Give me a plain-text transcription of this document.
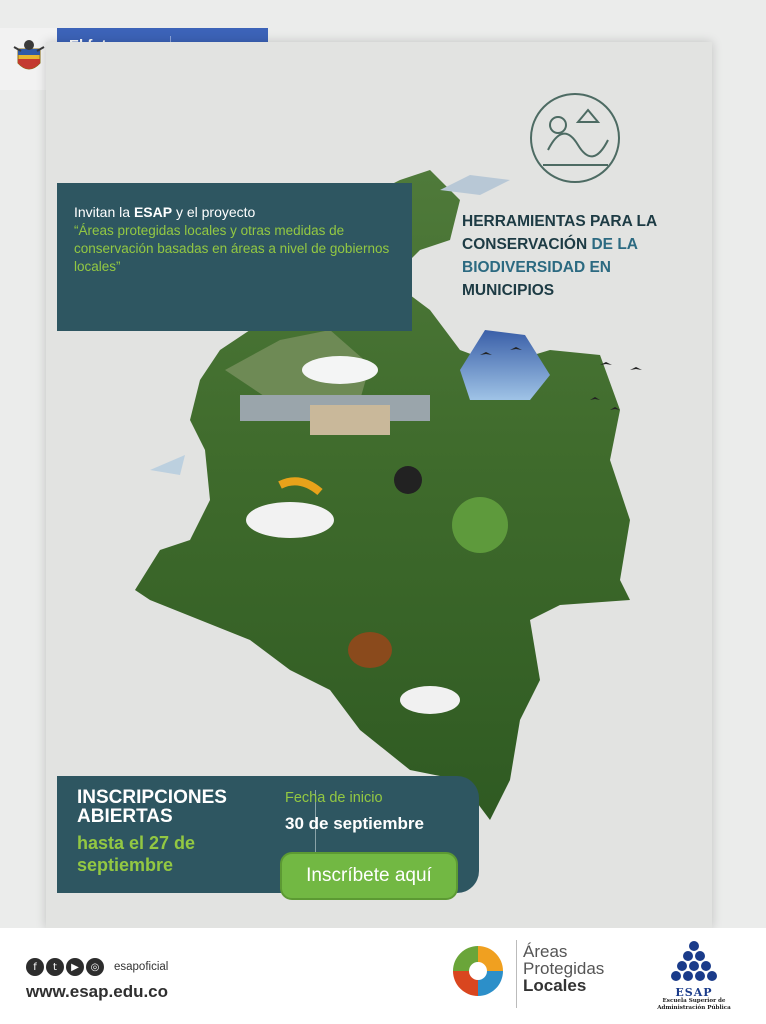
Invitan la ESAP y el proyecto
“Áreas protegidas locales y otras medidas de conservación basadas en áreas a nivel de gobiernos locales”
HERRAMIENTAS PARA LA CONSERVACIÓN DE LA BIODIVERSIDAD EN
MUNICIPIOS
INSCRIPCIONES
ABIERTAS
hasta el 27 de
septiembre
Fecha de inicio
30 de septiembre
Inscríbete aquí
f	t	▶	◎	esapoficial
www.esap.edu.co
Áreas
Protegidas
Locales	ESAP
Escuela Superior de
Administración Pública
